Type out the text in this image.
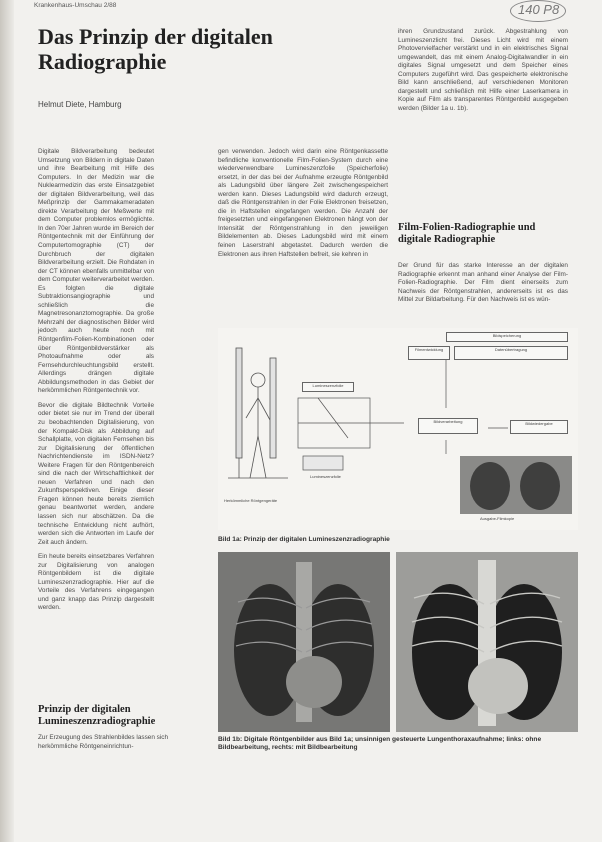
Krankenhaus-Umschau 2/88	140 P8
Das Prinzip der digitalen Radiographie
Helmut Diete, Hamburg

Digitale Bildverarbeitung bedeutet Umsetzung von Bildern in digitale Daten und ihre Bearbeitung mit Hilfe des Computers. In der Medizin war die Nuklearmedizin das erste Einsatzgebiet der digitalen Bildverarbeitung, weil das Meßprinzip der Gammakameradaten direkte Verarbeitung der Meßwerte mit dem Computer problemlos ermöglichte. In den 70er Jahren wurde im Bereich der Röntgentechnik mit der Einführung der Computertomographie (CT) der Durchbruch der digitalen Bildverarbeitung erzielt. Die Rohdaten in der CT können ebenfalls unmittelbar von dem Computer weiterverarbeitet werden. Es folgten die digitale Subtraktionsangiographie und schließlich die Magnetresonanztomographie. Da große Mehrzahl der diagnostischen Bilder wird jedoch auch heute noch mit Röntgenfilm-Folien-Kombinationen oder über Röntgenbildverstärker als Photoaufnahme oder als Fernsehdurchleuchtungsbild erstellt. Allerdings drängen digitale Abbildungsmethoden in das Gebiet der herkömmlichen Röntgentechnik vor.

Bevor die digitale Bildtechnik Vorteile oder bietet sie nur im Trend der überall zu beobachtenden Digitalisierung, von der Kompakt-Disk als Abbildung auf Schallplatte, von digitalen Fernsehen bis zur Digitalisierung der öffentlichen Nachrichtendienste im ISDN-Netz? Weitere Fragen für den Röntgenbereich sind die nach der Wirtschaftlichkeit der neuen Verfahren und nach den Zukunftsperspektiven. Einige dieser Fragen können heute bereits ziemlich genau beantwortet werden, andere lassen sich nur abschätzen. Da die technische Entwicklung nicht aufhört, werden sich die Antworten im Laufe der Zeit auch ändern.

Ein heute bereits einsetzbares Verfahren zur Digitalisierung von analogen Röntgenbildern ist die digitale Lumineszenzradiographie. Hier auf die Vorteile des Verfahrens eingegangen und ganz knapp das Prinzip dargestellt werden.

Prinzip der digitalen Lumineszenzradiographie
Zur Erzeugung des Strahlenbildes lassen sich herkömmliche Röntgeneinrichtun-

gen verwenden. Jedoch wird darin eine Röntgenkassette befindliche konventionelle Film-Folien-System durch eine wiederverwendbare Lumineszenzfolie (Speicherfolie) ersetzt, in der das bei der Aufnahme erzeugte Röntgenbild als Ladungsbild über längere Zeit zwischengespeichert werden kann. Dieses Ladungsbild wird dadurch erzeugt, daß die Röntgenstrahlen in der Folie Elektronen freisetzen, die in Haftstellen eingefangen werden. Die Anzahl der freigesetzten und eingefangenen Elektronen hängt von der Intensität der Röntgenstrahlung in den jeweiligen Bildelementen ab. Dieses Ladungsbild wird mit einem feinen Laserstrahl abgetastet. Dadurch werden die Elektronen aus ihren Haftstellen befreit, sie kehren in

ihren Grundzustand zurück. Abgestrahlung von Lumineszenzlicht frei. Dieses Licht wird mit einem Photovervielfacher verstärkt und in ein elektrisches Signal umgewandelt, das mit einem Analog-Digitalwandler in ein digitales Signal umgesetzt und dem Speicher eines Computers zugeführt wird. Das gespeicherte elektronische Bild kann anschließend, auf verschiedenen Monitoren dargestellt und schließlich mit Hilfe einer Laserkamera in Kopie auf Film als transparentes Röntgenbild ausgegeben werden (Bilder 1a u. 1b).

Film-Folien-Radiographie und digitale Radiographie

Der Grund für das starke Interesse an der digitalen Radiographie erkennt man anhand einer Analyse der Film-Folien-Radiographie. Der Film dient einerseits zum Nachweis der Röntgenstrahlen, andererseits ist es das Mittel zur Bildarbeitung. Für den Nachweis ist es wün-

Bildspeicherung
Filmentwicklung	Datenübertragung
Lumineszenzfolie
Bildverarbeitung	Bildwiedergabe
Lumineszenzfolie
Herkömmliche Röntgengeräte
Ausgabe-Filmkopie
Bild 1a: Prinzip der digitalen Lumineszenzradiographie
Bild 1b: Digitale Röntgenbilder aus Bild 1a; unsinnigen gesteuerte Lungenthoraxaufnahme; links: ohne Bildbearbeitung, rechts: mit Bildbearbeitung
